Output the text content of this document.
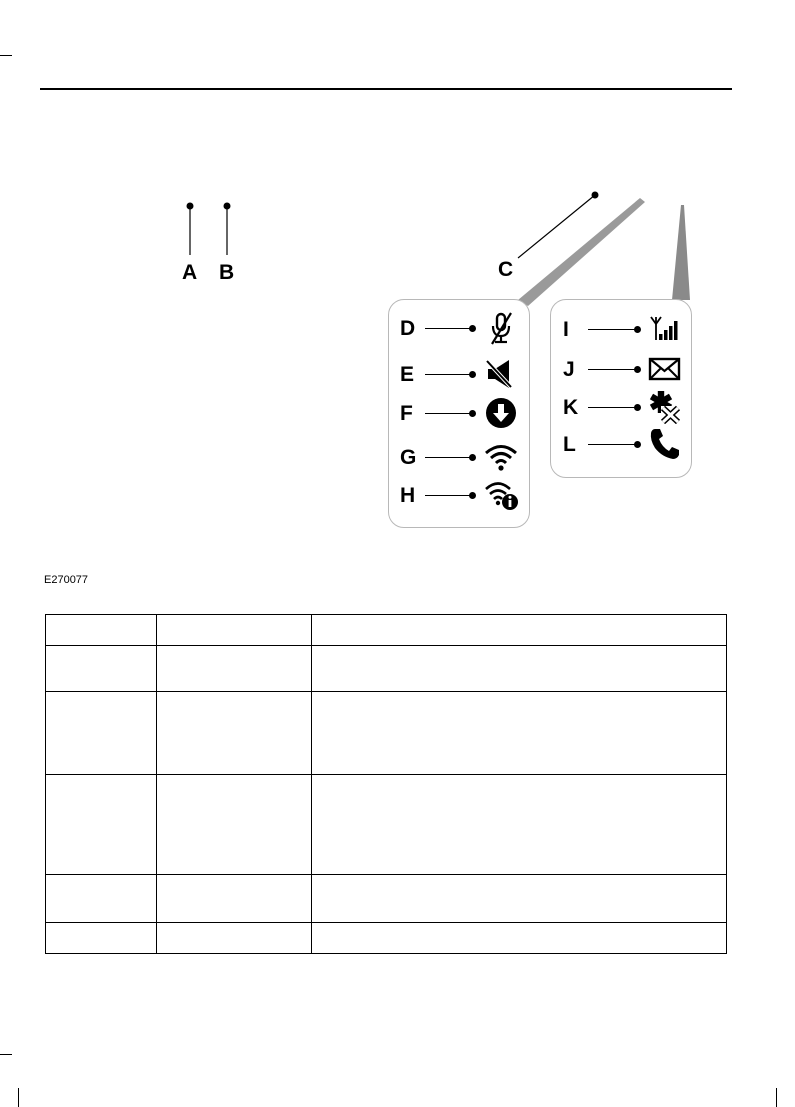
A B	C
D
E
F
G
H
I
J
K
L
E270077
